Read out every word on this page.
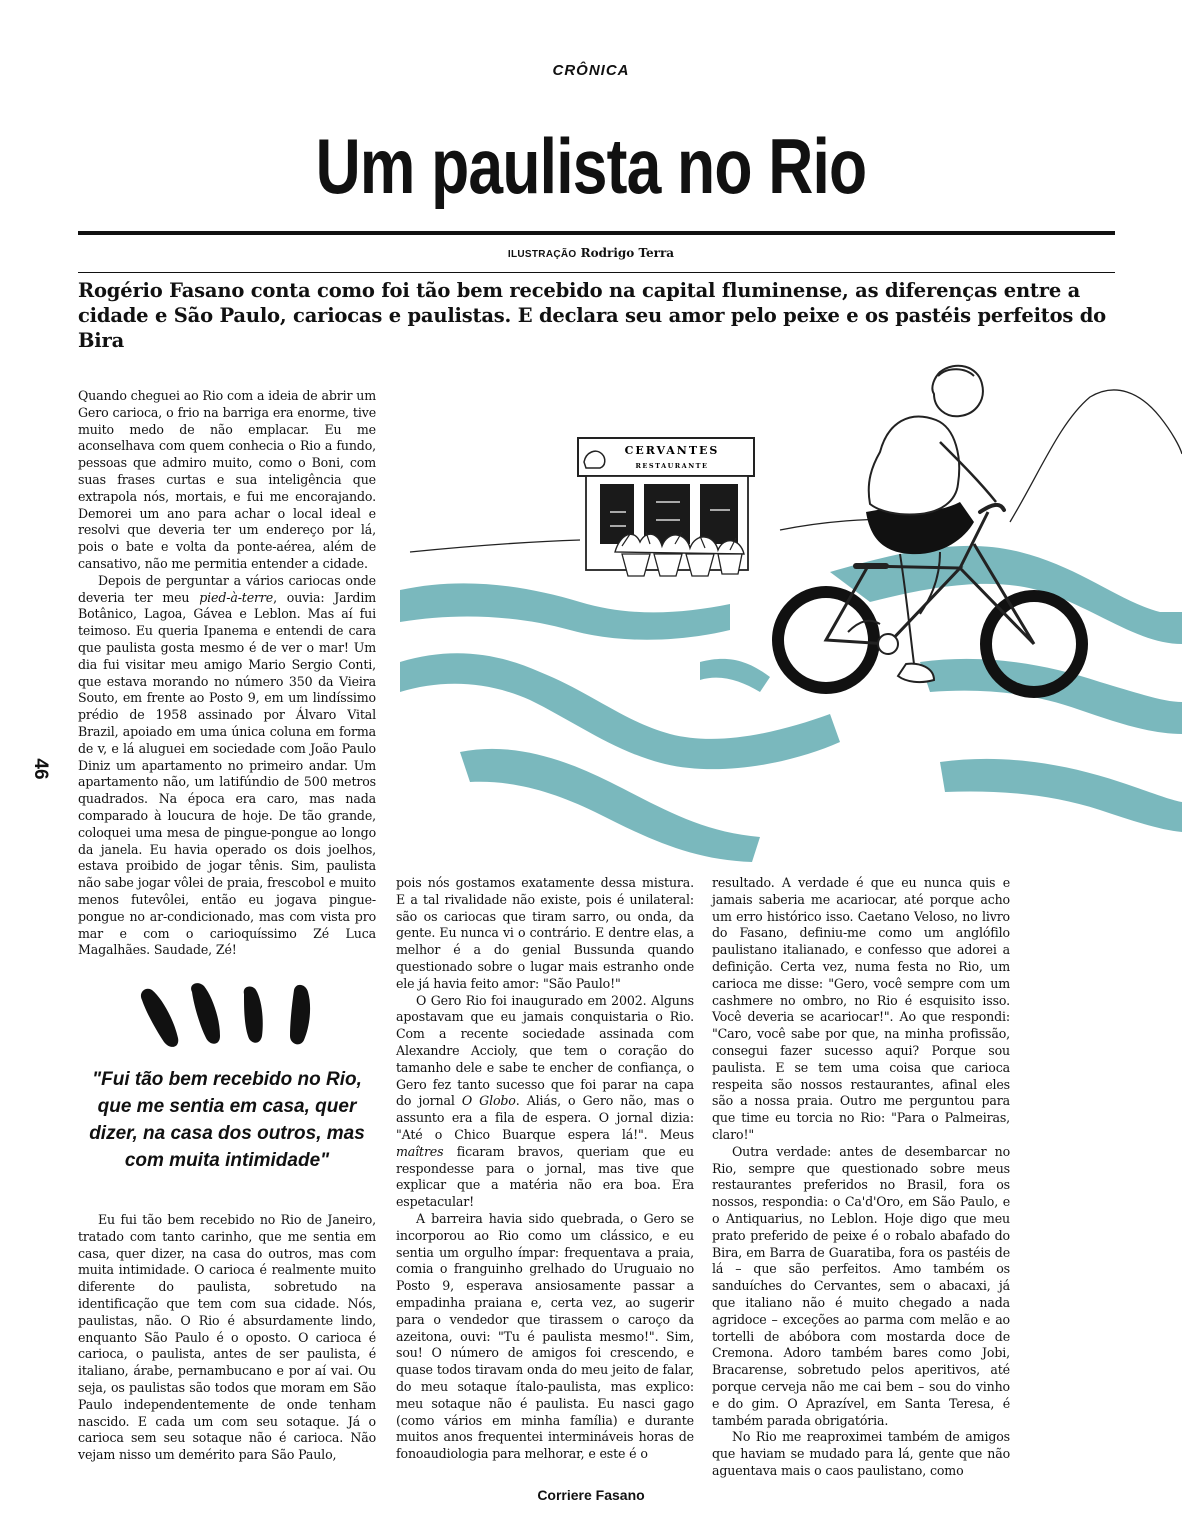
CRÔNICA
Um paulista no Rio
ILUSTRAÇÃO Rodrigo Terra
Rogério Fasano conta como foi tão bem recebido na capital fluminense, as diferenças entre a cidade e São Paulo, cariocas e paulistas. E declara seu amor pelo peixe e os pastéis perfeitos do Bira
46
CERVANTES
RESTAURANTE

Quando cheguei ao Rio com a ideia de abrir um Gero carioca, o frio na barriga era enorme, tive muito medo de não emplacar. Eu me aconselhava com quem conhecia o Rio a fundo, pessoas que admiro muito, como o Boni, com suas frases curtas e sua inteligência que extrapola nós, mortais, e fui me encorajando. Demorei um ano para achar o local ideal e resolvi que deveria ter um endereço por lá, pois o bate e volta da ponte-aérea, além de cansativo, não me permitia entender a cidade.

Depois de perguntar a vários cariocas onde deveria ter meu pied-à-terre, ouvia: Jardim Botânico, Lagoa, Gávea e Leblon. Mas aí fui teimoso. Eu queria Ipanema e entendi de cara que paulista gosta mesmo é de ver o mar! Um dia fui visitar meu amigo Mario Sergio Conti, que estava morando no número 350 da Vieira Souto, em frente ao Posto 9, em um lindíssimo prédio de 1958 assinado por Álvaro Vital Brazil, apoiado em uma única coluna em forma de v, e lá aluguei em sociedade com João Paulo Diniz um apartamento no primeiro andar. Um apartamento não, um latifúndio de 500 metros quadrados. Na época era caro, mas nada comparado à loucura de hoje. De tão grande, coloquei uma mesa de pingue-pongue ao longo da janela. Eu havia operado os dois joelhos, estava proibido de jogar tênis. Sim, paulista não sabe jogar vôlei de praia, frescobol e muito menos futevôlei, então eu jogava pingue-pongue no ar-condicionado, mas com vista pro mar e com o carioquíssimo Zé Luca Magalhães. Saudade, Zé!

"Fui tão bem recebido no Rio, que me sentia em casa, quer dizer, na casa dos outros, mas com muita intimidade"

Eu fui tão bem recebido no Rio de Janeiro, tratado com tanto carinho, que me sentia em casa, quer dizer, na casa do outros, mas com muita intimidade. O carioca é realmente muito diferente do paulista, sobretudo na identificação que tem com sua cidade. Nós, paulistas, não. O Rio é absurdamente lindo, enquanto São Paulo é o oposto. O carioca é carioca, o paulista, antes de ser paulista, é italiano, árabe, pernambucano e por aí vai. Ou seja, os paulistas são todos que moram em São Paulo independentemente de onde tenham nascido. E cada um com seu sotaque. Já o carioca sem seu sotaque não é carioca. Não vejam nisso um demérito para São Paulo,

pois nós gostamos exatamente dessa mistura. E a tal rivalidade não existe, pois é unilateral: são os cariocas que tiram sarro, ou onda, da gente. Eu nunca vi o contrário. E dentre elas, a melhor é a do genial Bussunda quando questionado sobre o lugar mais estranho onde ele já havia feito amor: "São Paulo!"

O Gero Rio foi inaugurado em 2002. Alguns apostavam que eu jamais conquistaria o Rio. Com a recente sociedade assinada com Alexandre Accioly, que tem o coração do tamanho dele e sabe te encher de confiança, o Gero fez tanto sucesso que foi parar na capa do jornal O Globo. Aliás, o Gero não, mas o assunto era a fila de espera. O jornal dizia: "Até o Chico Buarque espera lá!". Meus maîtres ficaram bravos, queriam que eu respondesse para o jornal, mas tive que explicar que a matéria não era boa. Era espetacular!

A barreira havia sido quebrada, o Gero se incorporou ao Rio como um clássico, e eu sentia um orgulho ímpar: frequentava a praia, comia o franguinho grelhado do Uruguaio no Posto 9, esperava ansiosamente passar a empadinha praiana e, certa vez, ao sugerir para o vendedor que tirassem o caroço da azeitona, ouvi: "Tu é paulista mesmo!". Sim, sou! O número de amigos foi crescendo, e quase todos tiravam onda do meu jeito de falar, do meu sotaque ítalo-paulista, mas explico: meu sotaque não é paulista. Eu nasci gago (como vários em minha família) e durante muitos anos frequentei intermináveis horas de fonoaudiologia para melhorar, e este é o

resultado. A verdade é que eu nunca quis e jamais saberia me acariocar, até porque acho um erro histórico isso. Caetano Veloso, no livro do Fasano, definiu-me como um anglófilo paulistano italianado, e confesso que adorei a definição. Certa vez, numa festa no Rio, um carioca me disse: "Gero, você sempre com um cashmere no ombro, no Rio é esquisito isso. Você deveria se acariocar!". Ao que respondi: "Caro, você sabe por que, na minha profissão, consegui fazer sucesso aqui? Porque sou paulista. E se tem uma coisa que carioca respeita são nossos restaurantes, afinal eles são a nossa praia. Outro me perguntou para que time eu torcia no Rio: "Para o Palmeiras, claro!"

Outra verdade: antes de desembarcar no Rio, sempre que questionado sobre meus restaurantes preferidos no Brasil, fora os nossos, respondia: o Ca'd'Oro, em São Paulo, e o Antiquarius, no Leblon. Hoje digo que meu prato preferido de peixe é o robalo abafado do Bira, em Barra de Guaratiba, fora os pastéis de lá – que são perfeitos. Amo também os sanduíches do Cervantes, sem o abacaxi, já que italiano não é muito chegado a nada agridoce – exceções ao parma com melão e ao tortelli de abóbora com mostarda doce de Cremona. Adoro também bares como Jobi, Bracarense, sobretudo pelos aperitivos, até porque cerveja não me cai bem – sou do vinho e do gim. O Aprazível, em Santa Teresa, é também parada obrigatória.

No Rio me reaproximei também de amigos que haviam se mudado para lá, gente que não aguentava mais o caos paulistano, como

Corriere Fasano
